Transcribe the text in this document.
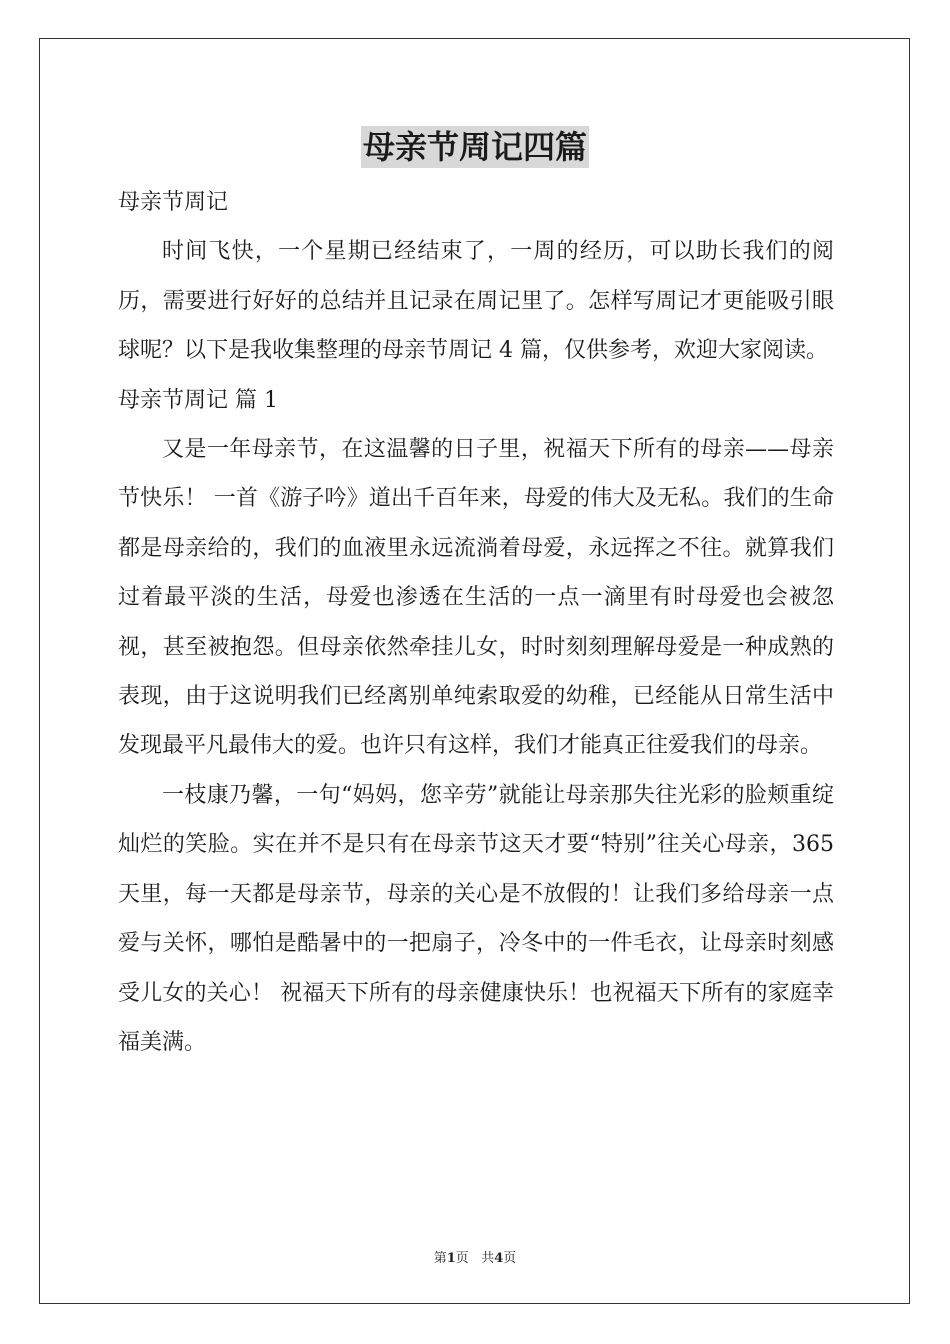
母亲节周记四篇

母亲节周记

时间飞快，一个星期已经结束了，一周的经历，可以助长我们的阅历，需要进行好好的总结并且记录在周记里了。怎样写周记才更能吸引眼球呢？以下是我收集整理的母亲节周记 4 篇，仅供参考，欢迎大家阅读。

母亲节周记 篇 1

又是一年母亲节，在这温馨的日子里，祝福天下所有的母亲——母亲节快乐！ 一首《游子吟》道出千百年来，母爱的伟大及无私。我们的生命都是母亲给的，我们的血液里永远流淌着母爱，永远挥之不往。就算我们过着最平淡的生活，母爱也渗透在生活的一点一滴里有时母爱也会被忽视，甚至被抱怨。但母亲依然牵挂儿女，时时刻刻理解母爱是一种成熟的表现，由于这说明我们已经离别单纯索取爱的幼稚，已经能从日常生活中发现最平凡最伟大的爱。也许只有这样，我们才能真正往爱我们的母亲。

一枝康乃馨，一句“妈妈，您辛劳”就能让母亲那失往光彩的脸颊重绽灿烂的笑脸。实在并不是只有在母亲节这天才要“特别”往关心母亲，365 天里，每一天都是母亲节，母亲的关心是不放假的！让我们多给母亲一点爱与关怀，哪怕是酷暑中的一把扇子，冷冬中的一件毛衣，让母亲时刻感受儿女的关心！ 祝福天下所有的母亲健康快乐！也祝福天下所有的家庭幸福美满。

第1页 共4页
